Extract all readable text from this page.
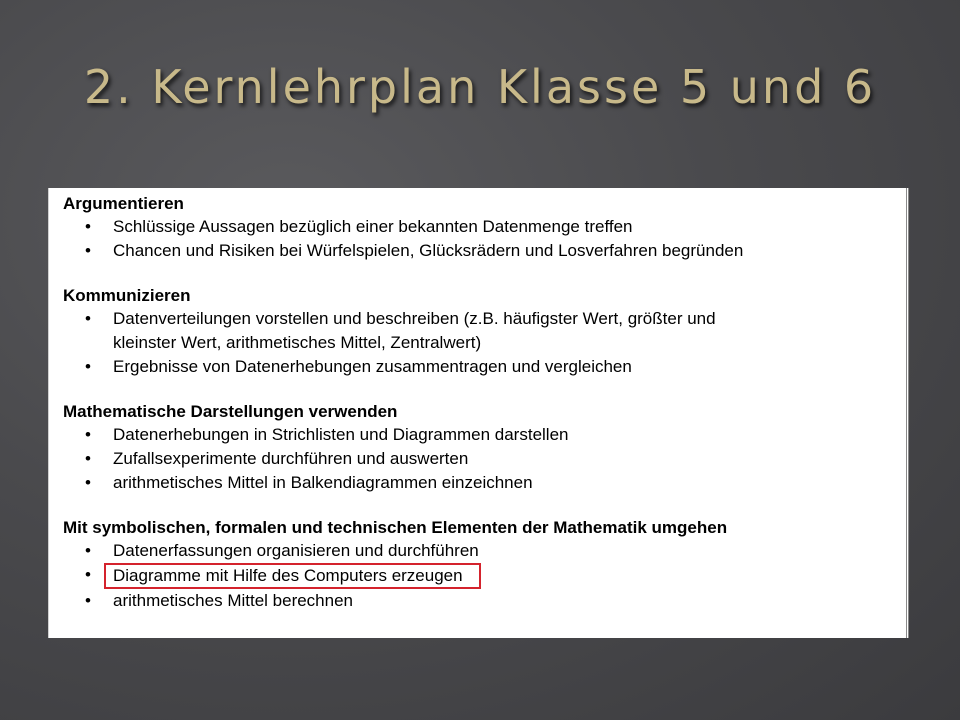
2. Kernlehrplan Klasse 5 und 6
Argumentieren
• Schlüssige Aussagen bezüglich einer bekannten Datenmenge treffen
• Chancen und Risiken bei Würfelspielen, Glücksrädern und Losverfahren begründen
Kommunizieren
• Datenverteilungen vorstellen und beschreiben (z.B. häufigster Wert, größter und
kleinster Wert, arithmetisches Mittel, Zentralwert)
• Ergebnisse von Datenerhebungen zusammentragen und vergleichen
Mathematische Darstellungen verwenden
• Datenerhebungen in Strichlisten und Diagrammen darstellen
• Zufallsexperimente durchführen und auswerten
• arithmetisches Mittel in Balkendiagrammen einzeichnen
Mit symbolischen, formalen und technischen Elementen der Mathematik umgehen
• Datenerfassungen organisieren und durchführen
• Diagramme mit Hilfe des Computers erzeugen
• arithmetisches Mittel berechnen
